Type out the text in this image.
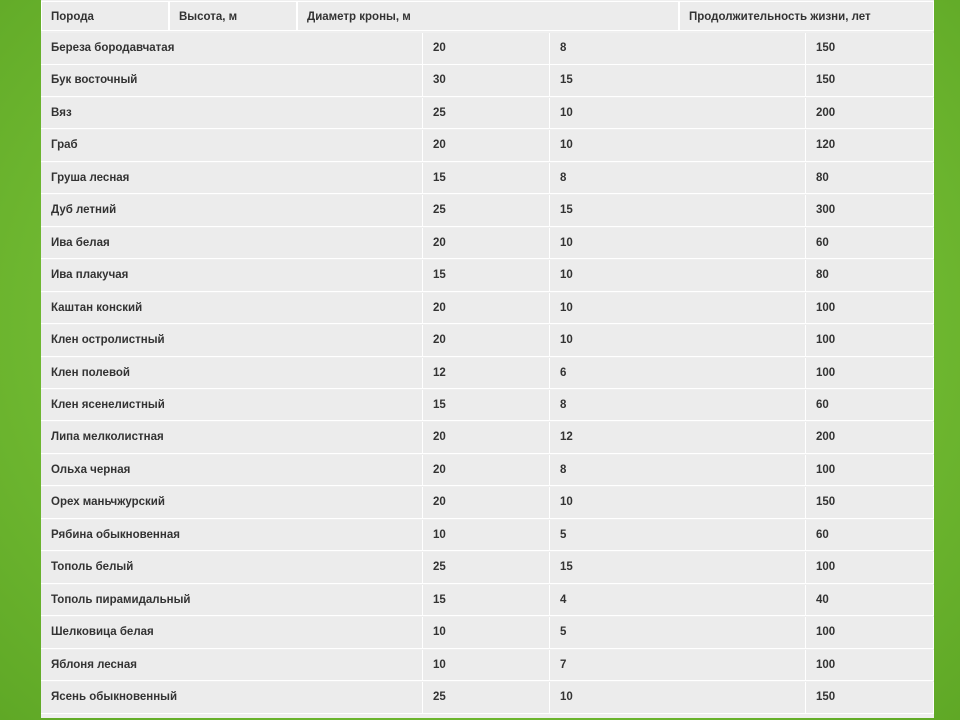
Порода	Высота, м	Диаметр кроны, м	Продолжительность жизни, лет
Береза бородавчатая	20	8	150
Бук восточный	30	15	150
Вяз	25	10	200
Граб	20	10	120
Груша лесная	15	8	80
Дуб летний	25	15	300
Ива белая	20	10	60
Ива плакучая	15	10	80
Каштан конский	20	10	100
Клен остролистный	20	10	100
Клен полевой	12	6	100
Клен ясенелистный	15	8	60
Липа мелколистная	20	12	200
Ольха черная	20	8	100
Орех маньчжурский	20	10	150
Рябина обыкновенная	10	5	60
Тополь белый	25	15	100
Тополь пирамидальный	15	4	40
Шелковица белая	10	5	100
Яблоня лесная	10	7	100
Ясень обыкновенный	25	10	150
